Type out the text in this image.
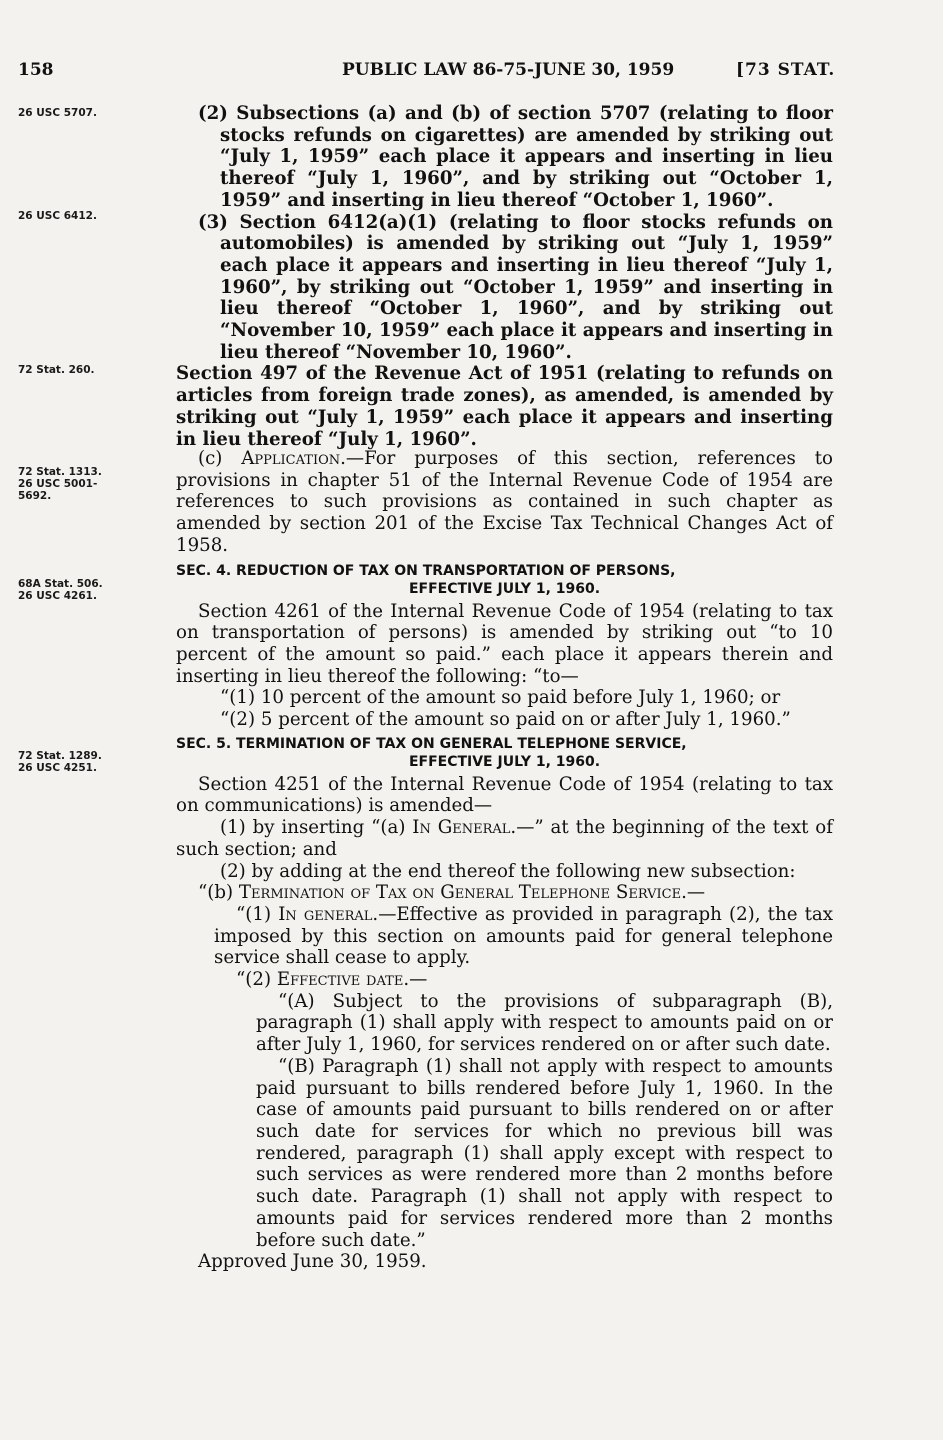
158	PUBLIC LAW 86-75-JUNE 30, 1959	[73 STAT.
26 USC 5707.
26 USC 6412.
72 Stat. 260.
72 Stat. 1313.
26 USC 5001-
5692.
68A Stat. 506.
26 USC 4261.
72 Stat. 1289.
26 USC 4251.

(2) Subsections (a) and (b) of section 5707 (relating to floor stocks refunds on cigarettes) are amended by striking out “July 1, 1959” each place it appears and inserting in lieu thereof “July 1, 1960”, and by striking out “October 1, 1959” and inserting in lieu thereof “October 1, 1960”.

(3) Section 6412(a)(1) (relating to floor stocks refunds on automobiles) is amended by striking out “July 1, 1959” each place it appears and inserting in lieu thereof “July 1, 1960”, by striking out “October 1, 1959” and inserting in lieu thereof “October 1, 1960”, and by striking out “November 10, 1959” each place it appears and inserting in lieu thereof “November 10, 1960”.

Section 497 of the Revenue Act of 1951 (relating to refunds on articles from foreign trade zones), as amended, is amended by striking out “July 1, 1959” each place it appears and inserting in lieu thereof “July 1, 1960”.

(c) Application.—For purposes of this section, references to provisions in chapter 51 of the Internal Revenue Code of 1954 are references to such provisions as contained in such chapter as amended by section 201 of the Excise Tax Technical Changes Act of 1958.

SEC. 4. REDUCTION OF TAX ON TRANSPORTATION OF PERSONS,
EFFECTIVE JULY 1, 1960.

Section 4261 of the Internal Revenue Code of 1954 (relating to tax on transportation of persons) is amended by striking out “to 10 percent of the amount so paid.” each place it appears therein and inserting in lieu thereof the following: “to—

“(1) 10 percent of the amount so paid before July 1, 1960; or

“(2) 5 percent of the amount so paid on or after July 1, 1960.”

SEC. 5. TERMINATION OF TAX ON GENERAL TELEPHONE SERVICE,
EFFECTIVE JULY 1, 1960.

Section 4251 of the Internal Revenue Code of 1954 (relating to tax on communications) is amended—

(1) by inserting “(a) In General.—” at the beginning of the text of such section; and

(2) by adding at the end thereof the following new subsection:

“(b) Termination of Tax on General Telephone Service.—

“(1) In general.—Effective as provided in paragraph (2), the tax imposed by this section on amounts paid for general telephone service shall cease to apply.

“(2) Effective date.—

“(A) Subject to the provisions of subparagraph (B), paragraph (1) shall apply with respect to amounts paid on or after July 1, 1960, for services rendered on or after such date.

“(B) Paragraph (1) shall not apply with respect to amounts paid pursuant to bills rendered before July 1, 1960. In the case of amounts paid pursuant to bills rendered on or after such date for services for which no previous bill was rendered, paragraph (1) shall apply except with respect to such services as were rendered more than 2 months before such date. Paragraph (1) shall not apply with respect to amounts paid for services rendered more than 2 months before such date.”

Approved June 30, 1959.
